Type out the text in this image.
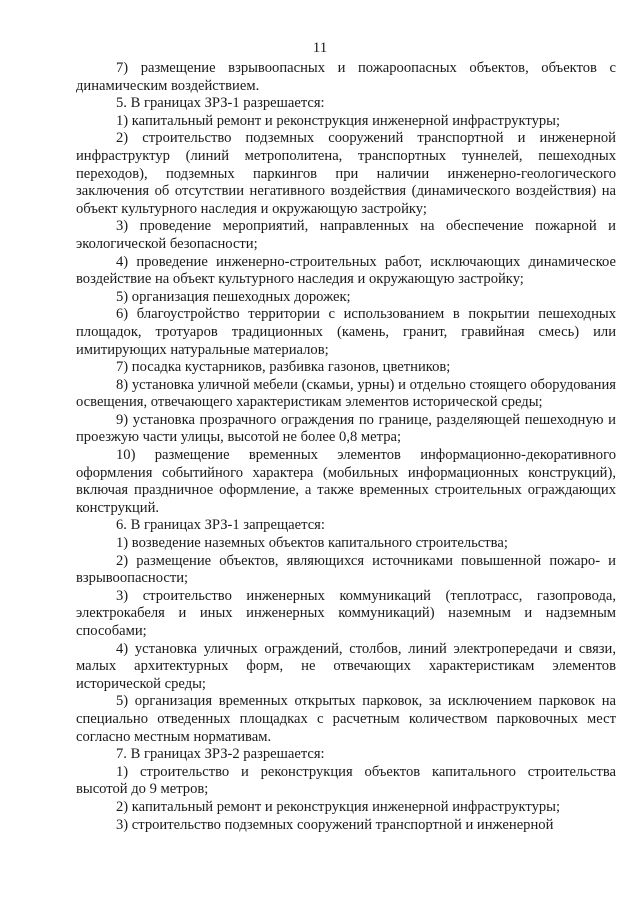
11

7) размещение взрывоопасных и пожароопасных объектов, объектов с динамическим воздействием.

5. В границах ЗРЗ-1 разрешается:

1) капитальный ремонт и реконструкция инженерной инфраструктуры;

2) строительство подземных сооружений транспортной и инженерной инфраструктур (линий метрополитена, транспортных туннелей, пешеходных переходов), подземных паркингов при наличии инженерно-геологического заключения об отсутствии негативного воздействия (динамического воздействия) на объект культурного наследия и окружающую застройку;

3) проведение мероприятий, направленных на обеспечение пожарной и экологической безопасности;

4) проведение инженерно-строительных работ, исключающих динамическое воздействие на объект культурного наследия и окружающую застройку;

5) организация пешеходных дорожек;

6) благоустройство территории с использованием в покрытии пешеходных площадок, тротуаров традиционных (камень, гранит, гравийная смесь) или имитирующих натуральные материалов;

7) посадка кустарников, разбивка газонов, цветников;

8) установка уличной мебели (скамьи, урны) и отдельно стоящего оборудования освещения, отвечающего характеристикам элементов исторической среды;

9) установка прозрачного ограждения по границе, разделяющей пешеходную и проезжую части улицы, высотой не более 0,8 метра;

10) размещение временных элементов информационно-декоративного оформления событийного характера (мобильных информационных конструкций), включая праздничное оформление, а также временных строительных ограждающих конструкций.

6. В границах ЗРЗ-1 запрещается:

1) возведение наземных объектов капитального строительства;

2) размещение объектов, являющихся источниками повышенной пожаро- и взрывоопасности;

3) строительство инженерных коммуникаций (теплотрасс, газопровода, электрокабеля и иных инженерных коммуникаций) наземным и надземным способами;

4) установка уличных ограждений, столбов, линий электропередачи и связи, малых архитектурных форм, не отвечающих характеристикам элементов исторической среды;

5) организация временных открытых парковок, за исключением парковок на специально отведенных площадках с расчетным количеством парковочных мест согласно местным нормативам.

7. В границах ЗРЗ-2 разрешается:

1) строительство и реконструкция объектов капитального строительства высотой до 9 метров;

2) капитальный ремонт и реконструкция инженерной инфраструктуры;

3) строительство подземных сооружений транспортной и инженерной
